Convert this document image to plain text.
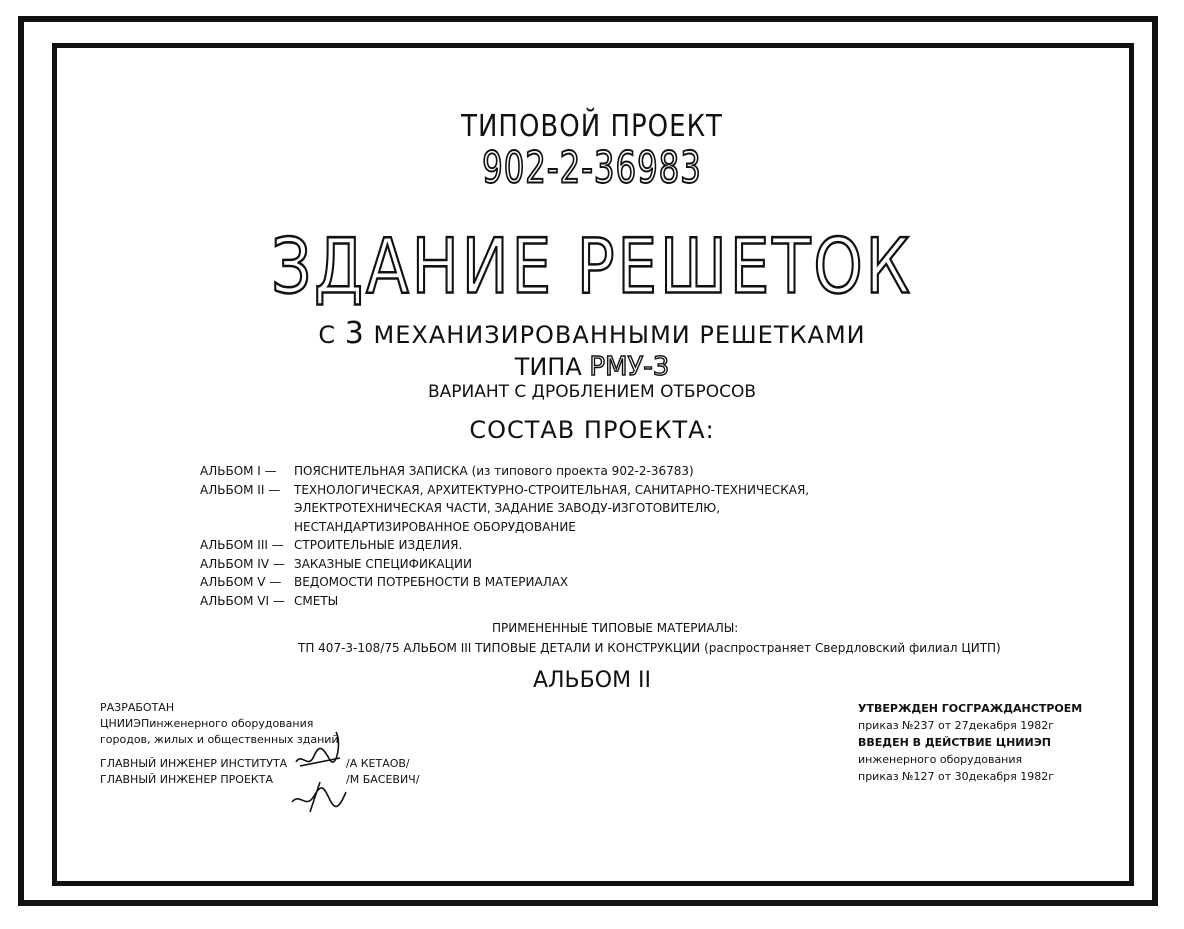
ТИПОВОЙ ПРОЕКТ
902-2-36983
ЗДАНИЕ РЕШЕТОК
С 3 МЕХАНИЗИРОВАННЫМИ РЕШЕТКАМИ
ТИПА РМУ-3
ВАРИАНТ С ДРОБЛЕНИЕМ ОТБРОСОВ
СОСТАВ ПРОЕКТА:
АЛЬБОМ I —	ПОЯСНИТЕЛЬНАЯ ЗАПИСКА (из типового проекта 902-2-36783)
АЛЬБОМ II —	ТЕХНОЛОГИЧЕСКАЯ, АРХИТЕКТУРНО-СТРОИТЕЛЬНАЯ, САНИТАРНО-ТЕХНИЧЕСКАЯ,
ЭЛЕКТРОТЕХНИЧЕСКАЯ ЧАСТИ, ЗАДАНИЕ ЗАВОДУ-ИЗГОТОВИТЕЛЮ,
НЕСТАНДАРТИЗИРОВАННОЕ ОБОРУДОВАНИЕ
АЛЬБОМ III — СТРОИТЕЛЬНЫЕ ИЗДЕЛИЯ.
АЛЬБОМ IV — ЗАКАЗНЫЕ СПЕЦИФИКАЦИИ
АЛЬБОМ V —	ВЕДОМОСТИ ПОТРЕБНОСТИ В МАТЕРИАЛАХ
АЛЬБОМ VI — СМЕТЫ
ПРИМЕНЕННЫЕ ТИПОВЫЕ МАТЕРИАЛЫ:
ТП 407-3-108/75 АЛЬБОМ III ТИПОВЫЕ ДЕТАЛИ И КОНСТРУКЦИИ (распространяет Свердловский филиал ЦИТП)
АЛЬБОМ II
РАЗРАБОТАН
ЦНИИЭПинженерного оборудования
городов, жилых и общественных зданий
ГЛАВНЫЙ ИНЖЕНЕР ИНСТИТУТА	/А КЕТАОВ/
ГЛАВНЫЙ ИНЖЕНЕР ПРОЕКТА	/М БАСЕВИЧ/
УТВЕРЖДЕН ГОСГРАЖДАНСТРОЕМ
приказ №237 от 27декабря 1982г
ВВЕДЕН В ДЕЙСТВИЕ ЦНИИЭП
инженерного оборудования
приказ №127 от 30декабря 1982г
